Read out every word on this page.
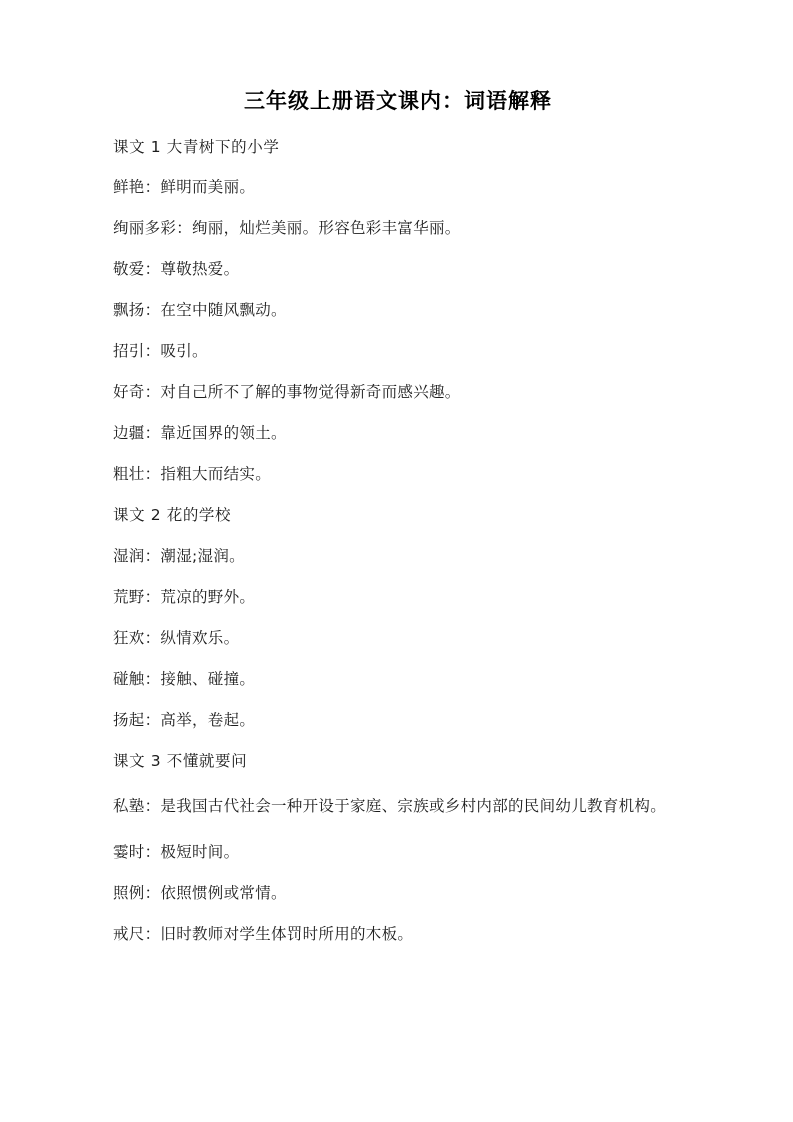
三年级上册语文课内：词语解释

课文 1 大青树下的小学

鲜艳：鲜明而美丽。

绚丽多彩：绚丽，灿烂美丽。形容色彩丰富华丽。

敬爱：尊敬热爱。

飘扬：在空中随风飘动。

招引：吸引。

好奇：对自己所不了解的事物觉得新奇而感兴趣。

边疆：靠近国界的领土。

粗壮：指粗大而结实。

课文 2 花的学校

湿润：潮湿;湿润。

荒野：荒凉的野外。

狂欢：纵情欢乐。

碰触：接触、碰撞。

扬起：高举，卷起。

课文 3 不懂就要问

私塾：是我国古代社会一种开设于家庭、宗族或乡村内部的民间幼儿教育机构。

霎时：极短时间。

照例：依照惯例或常情。

戒尺：旧时教师对学生体罚时所用的木板。
